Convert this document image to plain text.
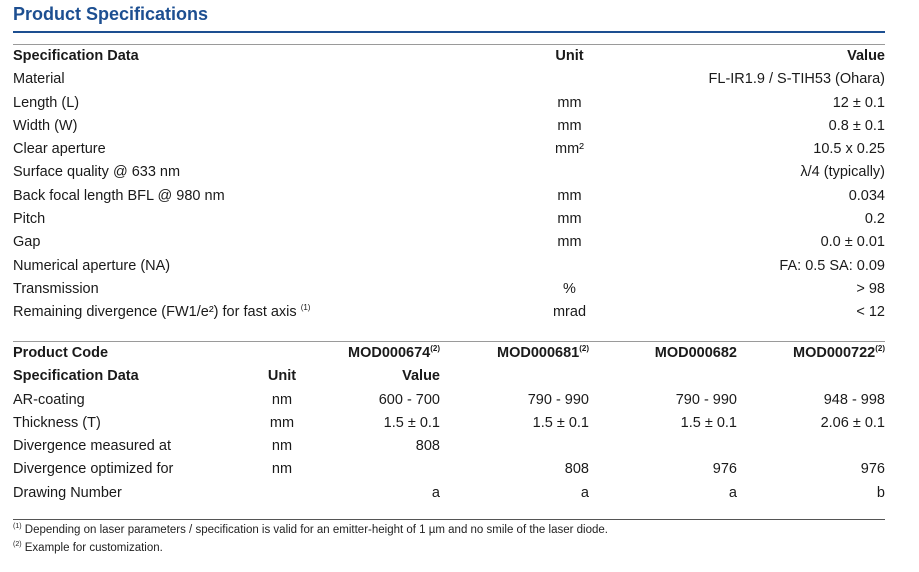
Product Specifications
Specification Data	Unit	Value
Material		FL-IR1.9 / S-TIH53 (Ohara)
Length (L)	mm	12 ± 0.1
Width (W)	mm	0.8 ± 0.1
Clear aperture	mm²	10.5 x 0.25
Surface quality @ 633 nm		λ/4 (typically)
Back focal length BFL @ 980 nm	mm	0.034
Pitch	mm	0.2
Gap	mm	0.0 ± 0.01
Numerical aperture (NA)		FA: 0.5 SA: 0.09
Transmission	%	> 98
Remaining divergence (FW1/e²) for fast axis $^{(1)}$	mrad	< 12
Product Code		MOD000674$^{(2)}$	MOD000681$^{(2)}$	MOD000682	MOD000722$^{(2)}$
Specification Data	Unit	Value			
AR-coating	nm	600 - 700	790 - 990	790 - 990	948 - 998
Thickness (T)	mm	1.5 ± 0.1	1.5 ± 0.1	1.5 ± 0.1	2.06 ± 0.1
Divergence measured at	nm	808			
Divergence optimized for	nm		808	976	976
Drawing Number		a	a	a	b
$^{(1)}$ Depending on laser parameters / specification is valid for an emitter-height of 1 µm and no smile of the laser diode.
$^{(2)}$ Example for customization.
